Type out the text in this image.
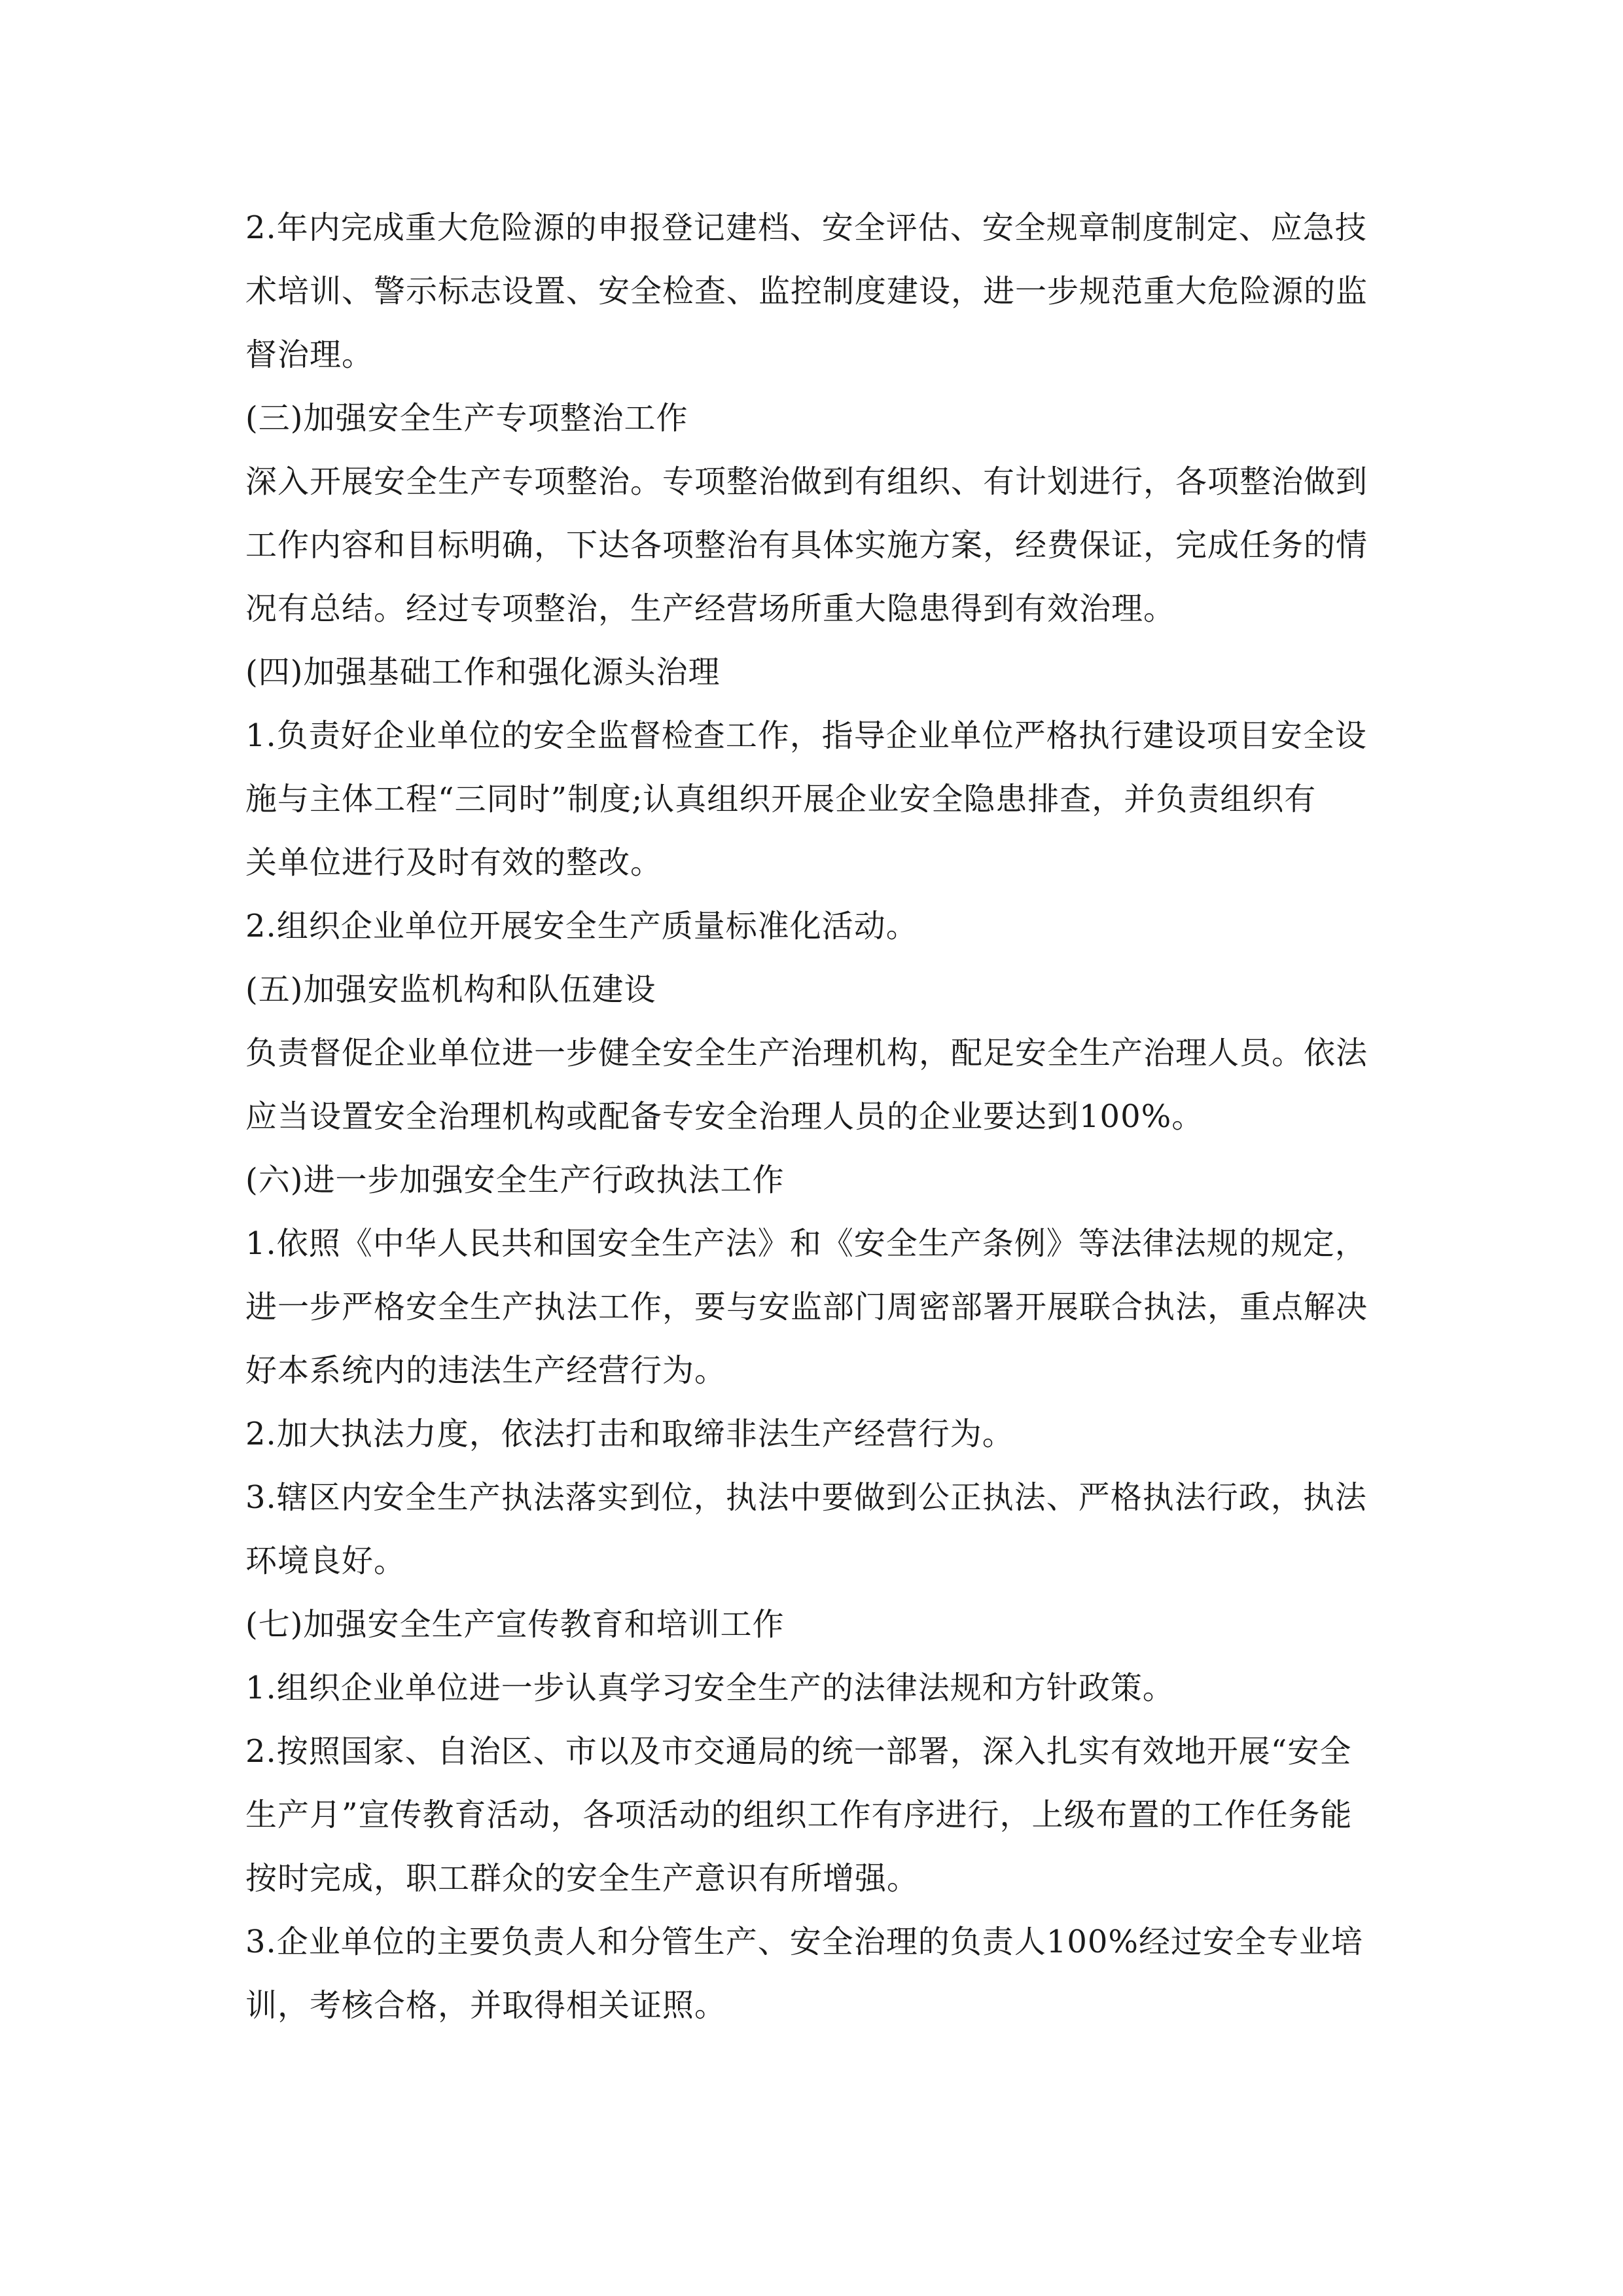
2.年内完成重大危险源的申报登记建档、安全评估、安全规章制度制定、应急技
术培训、警示标志设置、安全检查、监控制度建设，进一步规范重大危险源的监
督治理。
(三)加强安全生产专项整治工作
深入开展安全生产专项整治。专项整治做到有组织、有计划进行，各项整治做到
工作内容和目标明确，下达各项整治有具体实施方案，经费保证，完成任务的情
况有总结。经过专项整治，生产经营场所重大隐患得到有效治理。
(四)加强基础工作和强化源头治理
1.负责好企业单位的安全监督检查工作，指导企业单位严格执行建设项目安全设
施与主体工程“三同时”制度;认真组织开展企业安全隐患排查，并负责组织有
关单位进行及时有效的整改。
2.组织企业单位开展安全生产质量标准化活动。
(五)加强安监机构和队伍建设
负责督促企业单位进一步健全安全生产治理机构，配足安全生产治理人员。依法
应当设置安全治理机构或配备专安全治理人员的企业要达到100%。
(六)进一步加强安全生产行政执法工作
1.依照《中华人民共和国安全生产法》和《安全生产条例》等法律法规的规定，
进一步严格安全生产执法工作，要与安监部门周密部署开展联合执法，重点解决
好本系统内的违法生产经营行为。
2.加大执法力度，依法打击和取缔非法生产经营行为。
3.辖区内安全生产执法落实到位，执法中要做到公正执法、严格执法行政，执法
环境良好。
(七)加强安全生产宣传教育和培训工作
1.组织企业单位进一步认真学习安全生产的法律法规和方针政策。
2.按照国家、自治区、市以及市交通局的统一部署，深入扎实有效地开展“安全
生产月”宣传教育活动，各项活动的组织工作有序进行，上级布置的工作任务能
按时完成，职工群众的安全生产意识有所增强。
3.企业单位的主要负责人和分管生产、安全治理的负责人100%经过安全专业培
训，考核合格，并取得相关证照。
